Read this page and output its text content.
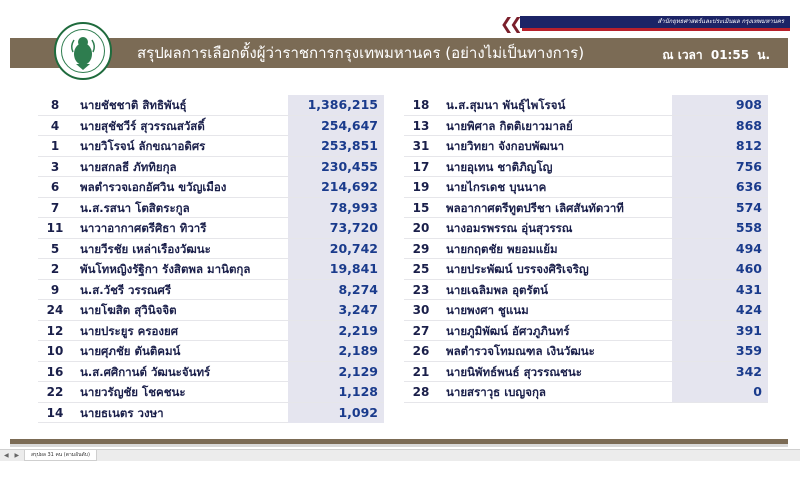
❮❮	สำนักยุทธศาสตร์และประเมินผล กรุงเทพมหานคร
สรุปผลการเลือกตั้งผู้ว่าราชการกรุงเทพมหานคร (อย่างไม่เป็นทางการ)	ณ เวลา 01:55 น.
8	นายชัชชาติ สิทธิพันธุ์	1,386,215
4	นายสุชัชวีร์ สุวรรณสวัสดิ์	254,647
1	นายวิโรจน์ ลักขณาอดิศร	253,851
3	นายสกลธี ภัททิยกุล	230,455
6	พลตำรวจเอกอัศวิน ขวัญเมือง	214,692
7	น.ส.รสนา โตสิตระกูล	78,993
11	นาวาอากาศตรีศิธา ทิวารี	73,720
5	นายวีรชัย เหล่าเรืองวัฒนะ	20,742
2	พันโทหญิงรัฐิกา รังสิตพล มานิตกุล	19,841
9	น.ส.วัชรี วรรณศรี	8,274
24	นายโฆสิต สุวินิจจิต	3,247
12	นายประยูร ครองยศ	2,219
10	นายศุภชัย ตันติคมน์	2,189
16	น.ส.ศศิกานต์ วัฒนะจันทร์	2,129
22	นายวรัญชัย โชคชนะ	1,128
14	นายธเนตร วงษา	1,092
18	น.ส.สุมนา พันธุ์ไพโรจน์	908
13	นายพิศาล กิตติเยาวมาลย์	868
31	นายวิทยา จังกอบพัฒนา	812
17	นายอุเทน ชาติภิญโญ	756
19	นายไกรเดช บุนนาค	636
15	พลอากาศตรีทูตปรีชา เลิศสันทัดวาที	574
20	นางอมรพรรณ อุ่นสุวรรณ	558
29	นายกฤตชัย พยอมแย้ม	494
25	นายประพัฒน์ บรรจงศิริเจริญ	460
23	นายเฉลิมพล อุตรัตน์	431
30	นายพงศา ชูแนม	424
27	นายภูมิพัฒน์ อัศวภูภินทร์	391
26	พลตำรวจโทมณฑล เงินวัฒนะ	359
21	นายนิพัทธ์พนธ์ สุวรรณชนะ	342
28	นายสราวุธ เบญจกุล	0
◀ ▶	สรุปผล 31 คน (ตามอันดับ)
